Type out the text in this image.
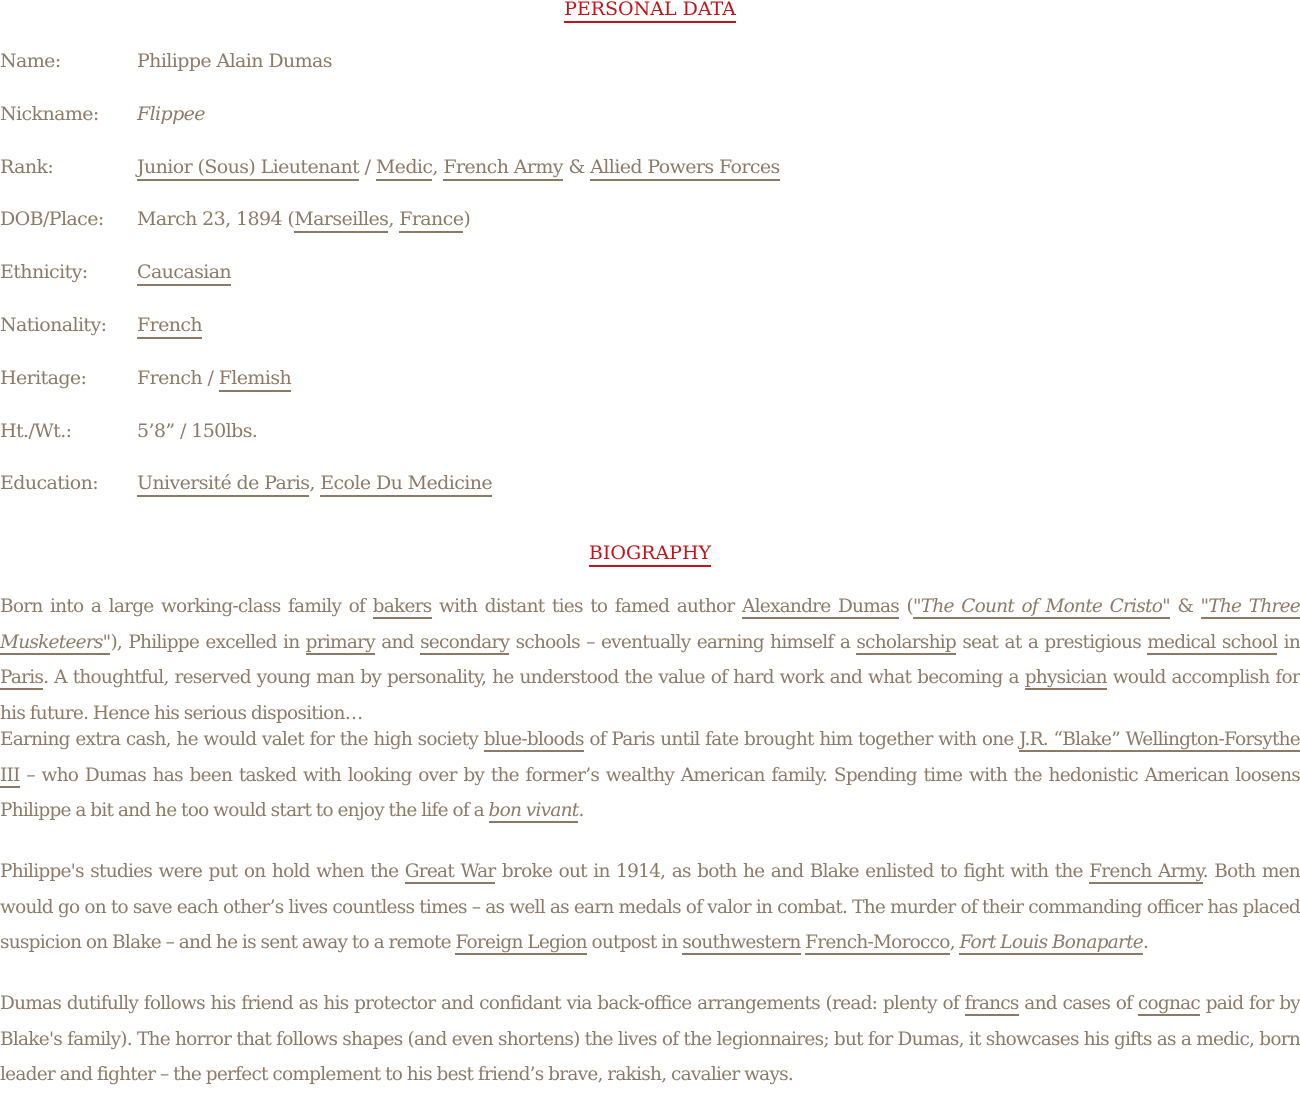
PERSONAL DATA
Name:	Philippe Alain Dumas
Nickname:	Flippee
Rank:	Junior (Sous) Lieutenant / Medic, French Army & Allied Powers Forces
DOB/Place:	March 23, 1894 (Marseilles, France)
Ethnicity:	Caucasian
Nationality:	French
Heritage:	French / Flemish
Ht./Wt.:	5’8” / 150lbs.
Education:	Université de Paris, Ecole Du Medicine
BIOGRAPHY
Born into a large working-class family of bakers with distant ties to famed author Alexandre Dumas ("The Count of Monte Cristo" & "The Three Musketeers"), Philippe excelled in primary and secondary schools – eventually earning himself a scholarship seat at a prestigious medical school in Paris. A thoughtful, reserved young man by personality, he understood the value of hard work and what becoming a physician would accomplish for his future. Hence his serious disposition…
Earning extra cash, he would valet for the high society blue-bloods of Paris until fate brought him together with one J.R. “Blake” Wellington-Forsythe III – who Dumas has been tasked with looking over by the former’s wealthy American family. Spending time with the hedonistic American loosens Philippe a bit and he too would start to enjoy the life of a bon vivant.
Philippe's studies were put on hold when the Great War broke out in 1914, as both he and Blake enlisted to fight with the French Army. Both men would go on to save each other’s lives countless times – as well as earn medals of valor in combat. The murder of their commanding officer has placed suspicion on Blake – and he is sent away to a remote Foreign Legion outpost in southwestern French-Morocco, Fort Louis Bonaparte.
Dumas dutifully follows his friend as his protector and confidant via back-office arrangements (read: plenty of francs and cases of cognac paid for by Blake's family). The horror that follows shapes (and even shortens) the lives of the legionnaires; but for Dumas, it showcases his gifts as a medic, born leader and fighter – the perfect complement to his best friend’s brave, rakish, cavalier ways.
